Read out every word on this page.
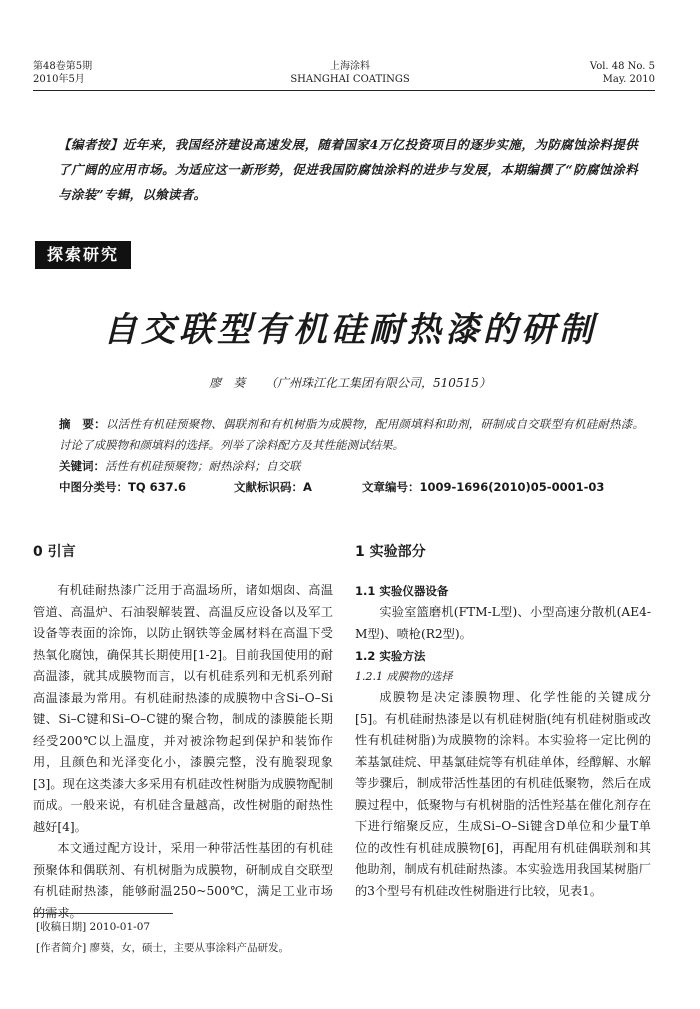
第48卷第5期
2010年5月
上海涂料
SHANGHAI COATINGS
Vol. 48 No. 5
May. 2010
【编者按】近年来，我国经济建设高速发展，随着国家4万亿投资项目的逐步实施，为防腐蚀涂料提供了广阔的应用市场。为适应这一新形势，促进我国防腐蚀涂料的进步与发展，本期编撰了“防腐蚀涂料与涂装”专辑，以飨读者。
探索研究
自交联型有机硅耐热漆的研制
廖　葵 （广州珠江化工集团有限公司，510515）

摘　要：以活性有机硅预聚物、偶联剂和有机树脂为成膜物，配用颜填料和助剂，研制成自交联型有机硅耐热漆。讨论了成膜物和颜填料的选择。列举了涂料配方及其性能测试结果。

关键词：活性有机硅预聚物；耐热涂料；自交联

中图分类号：TQ 637.6	文献标识码：A	文章编号：1009-1696(2010)05-0001-03

0 引言

有机硅耐热漆广泛用于高温场所，诸如烟囱、高温管道、高温炉、石油裂解装置、高温反应设备以及军工设备等表面的涂饰，以防止钢铁等金属材料在高温下受热氧化腐蚀，确保其长期使用[1-2]。目前我国使用的耐高温漆，就其成膜物而言，以有机硅系列和无机系列耐高温漆最为常用。有机硅耐热漆的成膜物中含Si–O–Si键、Si–C键和Si–O–C键的聚合物，制成的漆膜能长期经受200℃以上温度，并对被涂物起到保护和装饰作用，且颜色和光泽变化小，漆膜完整，没有脆裂现象[3]。现在这类漆大多采用有机硅改性树脂为成膜物配制而成。一般来说，有机硅含量越高，改性树脂的耐热性越好[4]。

本文通过配方设计，采用一种带活性基团的有机硅预聚体和偶联剂、有机树脂为成膜物，研制成自交联型有机硅耐热漆，能够耐温250~500℃，满足工业市场的需求。

1 实验部分
1.1 实验仪器设备

实验室篮磨机(FTM-L型)、小型高速分散机(AE4-M型)、喷枪(R2型)。

1.2 实验方法
1.2.1 成膜物的选择

成膜物是决定漆膜物理、化学性能的关键成分[5]。有机硅耐热漆是以有机硅树脂(纯有机硅树脂或改性有机硅树脂)为成膜物的涂料。本实验将一定比例的苯基氯硅烷、甲基氯硅烷等有机硅单体，经醇解、水解等步骤后，制成带活性基团的有机硅低聚物，然后在成膜过程中，低聚物与有机树脂的活性羟基在催化剂存在下进行缩聚反应，生成Si–O–Si键含D单位和少量T单位的改性有机硅成膜物[6]，再配用有机硅偶联剂和其他助剂，制成有机硅耐热漆。本实验选用我国某树脂厂的3个型号有机硅改性树脂进行比较，见表1。

[收稿日期] 2010-01-07
[作者简介] 廖葵，女，硕士，主要从事涂料产品研发。
